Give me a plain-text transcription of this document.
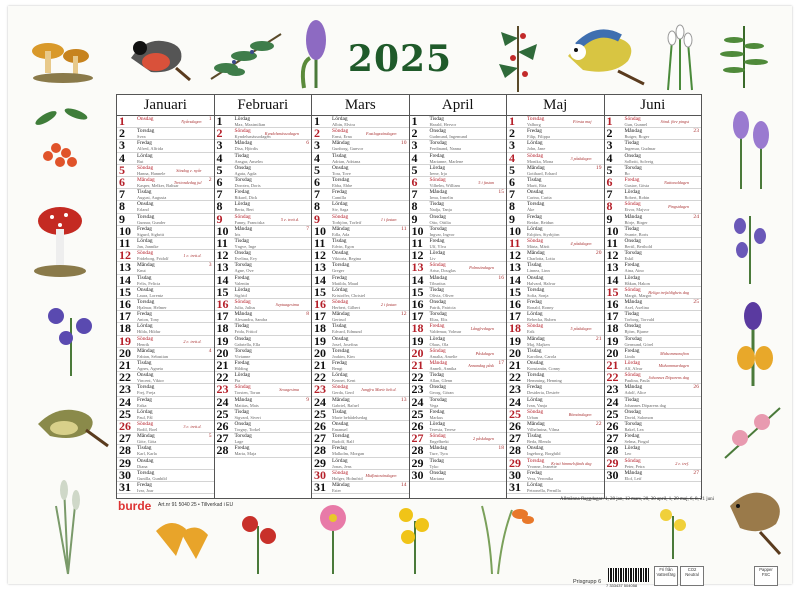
2025
Januari
1 Onsdag	Nyårsdagen 1
2 Torsdag
Svea
3 Fredag
Alfred, Alfrida
4 Lördag
Rut
5 Söndag
Hanna, Hannele
Söndag e. nyår
6 Måndag
Kasper, Melker, Baltsar
Trettondedag jul 2
7 Tisdag
August, Augusta
8 Onsdag
Erland
9 Torsdag
Gunnar, Gunder
10 Fredag
Sigurd, Sigbritt
11 Lördag
Jan, Jannike
12 Söndag
Frideborg, Fridolf
1 e. trett.d.
13 Måndag
Knut
3
14 Tisdag
Felix, Felicia
15 Onsdag
Laura, Lorentz
16 Torsdag
Hjalmar, Helmer
17 Fredag
Anton, Tony
18 Lördag
Hilda, Hildur
19 Söndag
Henrik
2 e. trett.d.
20 Måndag
Fabian, Sebastian
4
21 Tisdag
Agnes, Agneta
22 Onsdag
Vincent, Viktor
23 Torsdag
Frej, Freja
24 Fredag
Erika
25 Lördag
Paul, Pål
26 Söndag
Bodil, Boel
3 e. trett.d.
27 Måndag
Göte, Göta
5
28 Tisdag
Karl, Karla
29 Onsdag
Diana
30 Torsdag
Gunilla, Gunhild
31 Fredag
Ivar, Joar
Februari
1 Lördag
Max, Maximilian
2 Söndag
Kyndelsmässodagen
Kyndelsmässodagen
3 Måndag
Disa, Hjördis
6
4 Tisdag
Ansgar, Anselm
5 Onsdag
Agata, Agda
6 Torsdag
Dorotea, Doris
7 Fredag
Rikard, Dick
8 Lördag
Berta, Bert
9 Söndag
Fanny, Franciska
5 e. trett.d.
10 Måndag
Iris
7
11 Tisdag
Yngve, Inge
12 Onsdag
Evelina, Evy
13 Torsdag
Agne, Ove
14 Fredag
Valentin
15 Lördag
Sigfrid
16 Söndag
Julia, Julius
Septuagesima
17 Måndag
Alexandra, Sandra
8
18 Tisdag
Frida, Fritiof
19 Onsdag
Gabriella, Ella
20 Torsdag
Vivianne
21 Fredag
Hilding
22 Lördag
Pia
23 Söndag
Torsten, Torun
Sexagesima
24 Måndag
Mattias, Mats
9
25 Tisdag
Sigvard, Sivert
26 Onsdag
Torgny, Torkel
27 Torsdag
Lage
28 Fredag
Maria, Maja
Mars
1 Lördag
Albin, Elvira
2 Söndag
Ernst, Erna
Fastlagssöndagen
3 Måndag
Gunborg, Gunvor
10
4 Tisdag
Adrian, Adriana
5 Onsdag
Tora, Tove
6 Torsdag
Ebba, Ebbe
7 Fredag
Camilla
8 Lördag
Siv, Saga
9 Söndag
Torbjörn, Torleif
1 i fastan
10 Måndag
Edla, Ada
11
11 Tisdag
Edvin, Egon
12 Onsdag
Viktoria, Regina
13 Torsdag
Greger
14 Fredag
Matilda, Maud
15 Lördag
Kristoffer, Christel
16 Söndag
Herbert, Gilbert
2 i fastan
17 Måndag
Gertrud
12
18 Tisdag
Edvard, Edmund
19 Onsdag
Josef, Josefina
20 Torsdag
Joakim, Kim
21 Fredag
Bengt
22 Lördag
Kennet, Kent
23 Söndag
Gerda, Gerd
Jungfru Marie beb.d.
24 Måndag
Gabriel, Rafael
13
25 Tisdag
Marie bebådelsedag
26 Onsdag
Emanuel
27 Torsdag
Rudolf, Ralf
28 Fredag
Malkolm, Morgan
29 Lördag
Jonas, Jens
30 Söndag
Holger, Holmfrid
Midfastosöndagen
31 Måndag
Ester
14
April
1 Tisdag
Harald, Hervor
2 Onsdag
Gudmund, Ingemund
3 Torsdag
Ferdinand, Nanna
4 Fredag
Marianne, Marlene
5 Lördag
Irene, Irja
6 Söndag
Vilhelm, William
5 i fastan
7 Måndag
Irma, Irmelin
15
8 Tisdag
Nadja, Tanja
9 Onsdag
Otto, Ottilia
10 Torsdag
Ingvar, Ingvor
11 Fredag
Ulf, Ylva
12 Lördag
Liv
13 Söndag
Artur, Douglas
Palmsöndagen
14 Måndag
Tiburtius
16
15 Tisdag
Olivia, Oliver
16 Onsdag
Patrik, Patricia
17 Torsdag
Elias, Elis
18 Fredag
Valdemar, Volmar
Långfredagen
19 Lördag
Olaus, Ola
20 Söndag
Amalia, Amelie
Påskdagen
21 Måndag
Anneli, Annika
Annandag påsk 17
22 Tisdag
Allan, Glenn
23 Onsdag
Georg, Göran
24 Torsdag
Vega
25 Fredag
Markus
26 Lördag
Teresia, Terese
27 Söndag
Engelbrekt
2 påskdagen
28 Måndag
Ture, Tyra
18
29 Tisdag
Tyko
30 Onsdag
Mariana
Maj
1 Torsdag
Valborg
Första maj
2 Fredag
Filip, Filippa
3 Lördag
John, Jane
4 Söndag
Monika, Mona
3 påskdagen
5 Måndag
Gotthard, Erhard
19
6 Tisdag
Marit, Rita
7 Onsdag
Carina, Carita
8 Torsdag
Åke
9 Fredag
Reidar, Reidun
10 Lördag
Esbjörn, Styrbjörn
11 Söndag
Märta, Märit
4 påskdagen
12 Måndag
Charlotta, Lotta
20
13 Tisdag
Linnea, Linn
14 Onsdag
Halvard, Halvar
15 Torsdag
Sofia, Sonja
16 Fredag
Ronald, Ronny
17 Lördag
Rebecka, Ruben
18 Söndag
Erik
5 påskdagen
19 Måndag
Maj, Majken
21
20 Tisdag
Karolina, Carola
21 Onsdag
Konstantin, Conny
22 Torsdag
Hemming, Henning
23 Fredag
Desideria, Desirée
24 Lördag
Ivan, Vanja
25 Söndag
Urban
Bönsöndagen
26 Måndag
Vilhelmina, Vilma
22
27 Tisdag
Beda, Blenda
28 Onsdag
Ingeborg, Borghild
29 Torsdag
Yvonne, Jeanette
Kristi himmelsfärds dag
30 Fredag
Vera, Veronika
31 Lördag
Petronella, Pernilla
Juni
1 Söndag
Gun, Gunnel
Sönd. före pingst
2 Måndag
Rutger, Roger
23
3 Tisdag
Ingemar, Gudmar
4 Onsdag
Solbritt, Solveig
5 Torsdag
Bo
6 Fredag
Gustav, Gösta
Nationaldagen
7 Lördag
Robert, Robin
8 Söndag
Eivor, Majvor
Pingstdagen
9 Måndag
Börje, Birger
24
10 Tisdag
Svante, Boris
11 Onsdag
Bertil, Berthold
12 Torsdag
Eskil
13 Fredag
Aina, Aino
14 Lördag
Håkan, Hakon
15 Söndag
Margit, Margot
Heliga trefaldighets dag
16 Måndag
Axel, Axelina
25
17 Tisdag
Torborg, Torvald
18 Onsdag
Björn, Bjarne
19 Torsdag
Germund, Görel
20 Fredag
Linda
Midsommarafton
21 Lördag
Alf, Alvar
Midsommardagen
22 Söndag
Paulina, Paula
Johannes Döparens dag
23 Måndag
Adolf, Alice
26
24 Tisdag
Johannes Döparens dag
25 Onsdag
David, Salomon
26 Torsdag
Rakel, Lea
27 Fredag
Selma, Fingal
28 Lördag
Leo
29 Söndag
Peter, Petra
2 e. tref.
30 Måndag
Elof, Leif
27
burde Art.nr 91 5040 25 • Tillverkad i EU
Allmänna flaggdagar: 1, 28 jan, 12 mars, 20, 30 april, 1, 29 maj, 6, 8, 21 juni
7 333437 504058
Prisgrupp 6
Fri från Vattenfärg
CO2 Neutral
Papper FSC
